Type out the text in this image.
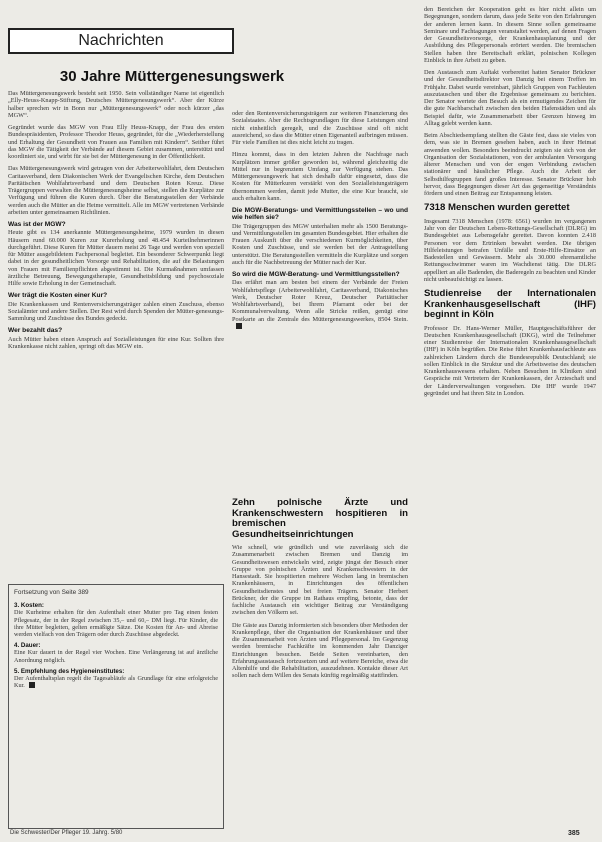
Nachrichten
30 Jahre Müttergenesungswerk

Das Müttergenesungswerk besteht seit 1950. Sein vollständiger Name ist eigentlich „Elly-Heuss-Knapp-Stiftung, Deutsches Müttergenesungswerk“. Aber der Kürze halber sprechen wir in Bonn nur „Müttergenesungswerk“ oder noch kürzer „das MGW“.

Gegründet wurde das MGW von Frau Elly Heuss-Knapp, der Frau des ersten Bundespräsidenten, Professor Theodor Heuss, gegründet, für die „Wiederherstellung und Erhaltung der Gesundheit von Frauen aus Familien mit Kindern“. Seither führt das MGW die Tätigkeit der Verbände auf diesem Gebiet zusammen, unterstützt und koordiniert sie, und wirbt für sie bei der Müttergenesung in der Öffentlichkeit.

Das Müttergenesungswerk wird getragen von der Arbeiterwohlfahrt, dem Deutschen Caritasverband, dem Diakonischen Werk der Evangelischen Kirche, dem Deutschen Paritätischen Wohlfahrtsverband und dem Deutschen Roten Kreuz. Diese Trägergruppen verwalten die Müttergenesungsheime selbst, stellen die Kurplätze zur Verfügung und führen die Kuren durch. Über die Beratungsstellen der Verbände werden auch die Mütter an die Heime vermittelt. Alle im MGW vertretenen Verbände arbeiten unter gemeinsamen Richtlinien.

Was ist der MGW?

Heute gibt es 134 anerkannte Müttergenesungsheime, 1979 wurden in diesen Häusern rund 60.000 Kuren zur Kurerholung und 48.454 Kurteilnehmerinnen durchgeführt. Diese Kuren für Mütter dauern meist 26 Tage und werden von speziell für Mütter ausgebildetem Fachpersonal begleitet. Ein besonderer Schwerpunkt liegt dabei in der gesundheitlichen Vorsorge und Rehabilitation, die auf die Belastungen von Frauen mit Familienpflichten abgestimmt ist. Die Kurmaßnahmen umfassen ärztliche Betreuung, Bewegungstherapie, Gesundheitsbildung und psychosoziale Hilfe sowie Erholung in der Gemeinschaft.

Wer trägt die Kosten einer Kur?

Die Krankenkassen und Rentenversicherungsträger zahlen einen Zuschuss, ebenso Sozialämter und andere Stellen. Der Rest wird durch Spenden der Mütter-genesungs-Sammlung und Zuschüsse des Bundes gedeckt.

Wer bezahlt das?

Auch Mütter haben einen Anspruch auf Sozialleistungen für eine Kur. Sollten ihre Krankenkasse nicht zahlen, springt oft das MGW ein.

Fortsetzung von Seite 389
3. Kosten:

Die Kurheime erhalten für den Aufenthalt einer Mutter pro Tag einen festen Pflegesatz, der in der Regel zwischen 35,– und 60,– DM liegt. Für Kinder, die ihre Mütter begleiten, gelten ermäßigte Sätze. Die Kosten für An- und Abreise werden vielfach von den Trägern oder durch Zuschüsse abgedeckt.

4. Dauer:

Eine Kur dauert in der Regel vier Wochen. Eine Verlängerung ist auf ärztliche Anordnung möglich.

5. Empfehlung des Hygieneinstitutes:

Der Aufenthaltsplan regelt die Tagesabläufe als Grundlage für eine erfolgreiche Kur.

oder den Rentenversicherungsträgern zur weiteren Finanzierung des Sozialstaates. Aber die Rechtsgrundlagen für diese Leistungen sind nicht einheitlich geregelt, und die Zuschüsse sind oft nicht ausreichend, so dass die Mütter einen Eigenanteil aufbringen müssen. Für viele Familien ist dies nicht leicht zu tragen.

Hinzu kommt, dass in den letzten Jahren die Nachfrage nach Kurplätzen immer größer geworden ist, während gleichzeitig die Mittel nur in begrenztem Umfang zur Verfügung stehen. Das Müttergenesungswerk hat sich deshalb dafür eingesetzt, dass die Kosten für Mütterkuren verstärkt von den Sozialleistungsträgern übernommen werden, damit jede Mutter, die eine Kur braucht, sie auch erhalten kann.

Die MGW-Beratungs- und Vermittlungsstellen – wo und wie helfen sie?

Die Trägergruppen des MGW unterhalten mehr als 1500 Beratungs- und Vermittlungsstellen im gesamten Bundesgebiet. Hier erhalten die Frauen Auskunft über die verschiedenen Kurmöglichkeiten, über Kosten und Zuschüsse, und sie werden bei der Antragstellung unterstützt. Die Beratungsstellen vermitteln die Kurplätze und sorgen auch für die Nachbetreuung der Mütter nach der Kur.

So wird die MGW-Beratung- und Vermittlungsstellen?

Das erfährt man am besten bei einem der Verbände der Freien Wohlfahrtspflege (Arbeiterwohlfahrt, Caritasverband, Diakonisches Werk, Deutscher Roter Kreuz, Deutscher Paritätischer Wohlfahrtsverband), bei Ihrem Pfarramt oder bei der Kommunalverwaltung. Wenn alle Stricke reißen, genügt eine Postkarte an die Zentrale des Müttergenesungswerkes, 8504 Stein.

Zehn polnische Ärzte und Krankenschwestern hospitieren in bremischen Gesundheitseinrichtungen

Wie schnell, wie gründlich und wie zuverlässig sich die Zusammenarbeit zwischen Bremen und Danzig im Gesundheitswesen entwickeln wird, zeigte jüngst der Besuch einer Gruppe von polnischen Ärzten und Krankenschwestern in der Hansestadt. Sie hospitierten mehrere Wochen lang in bremischen Krankenhäusern, in Einrichtungen des öffentlichen Gesundheitsdienstes und bei freien Trägern. Senator Herbert Brückner, der die Gruppe im Rathaus empfing, betonte, dass der fachliche Austausch ein wichtiger Beitrag zur Verständigung zwischen den Völkern sei.

Die Gäste aus Danzig informierten sich besonders über Methoden der Krankenpflege, über die Organisation der Krankenhäuser und über die Zusammenarbeit von Ärzten und Pflegepersonal. Im Gegenzug werden bremische Fachkräfte im kommenden Jahr Danziger Einrichtungen besuchen. Beide Seiten vereinbarten, den Erfahrungsaustausch fortzusetzen und auf weitere Bereiche, etwa die Altenhilfe und die Rehabilitation, auszudehnen. Kontakte dieser Art sollen nach dem Willen des Senats künftig regelmäßig stattfinden.

den Bereichen der Kooperation geht es hier nicht allein um Begegnungen, sondern darum, dass jede Seite von den Erfahrungen der anderen lernen kann. In diesem Sinne sollen gemeinsame Seminare und Fachtagungen veranstaltet werden, auf denen Fragen der Gesundheitsvorsorge, der Krankenhausplanung und der Ausbildung des Pflegepersonals erörtert werden. Die bremischen Stellen haben ihre Bereitschaft erklärt, polnischen Kollegen Einblick in ihre Arbeit zu geben.

Den Austausch zum Auftakt vorbereitet hatten Senator Brückner und der Gesundheitsdirektor von Danzig bei einem Treffen im Frühjahr. Dabei wurde vereinbart, jährlich Gruppen von Fachleuten auszutauschen und über die Ergebnisse gemeinsam zu berichten. Der Senator wertete den Besuch als ein ermutigendes Zeichen für die gute Nachbarschaft zwischen den beiden Hafenstädten und als Beispiel dafür, wie Zusammenarbeit über Grenzen hinweg im Alltag gelebt werden kann.

Beim Abschiedsempfang stellten die Gäste fest, dass sie vieles von dem, was sie in Bremen gesehen haben, auch in ihrer Heimat anwenden wollen. Besonders beeindruckt zeigten sie sich von der Organisation der Sozialstationen, von der ambulanten Versorgung älterer Menschen und von der engen Verbindung zwischen stationärer und häuslicher Pflege. Auch die Arbeit der Selbsthilfegruppen fand großes Interesse. Senator Brückner hob hervor, dass Begegnungen dieser Art das gegenseitige Verständnis fördern und einen Beitrag zur Entspannung leisten.

7318 Menschen wurden gerettet

Insgesamt 7318 Menschen (1978: 6561) wurden im vergangenen Jahr von der Deutschen Lebens-Rettungs-Gesellschaft (DLRG) im Bundesgebiet aus Lebensgefahr gerettet. Davon konnten 2.418 Personen vor dem Ertrinken bewahrt werden. Die übrigen Hilfeleistungen betrafen Unfälle und Erste-Hilfe-Einsätze an Badestellen und Gewässern. Mehr als 30.000 ehrenamtliche Rettungsschwimmer waren im Wachdienst tätig. Die DLRG appelliert an alle Badenden, die Baderegeln zu beachten und Kinder nicht unbeaufsichtigt zu lassen.

Studienreise der Internationalen Krankenhausgesellschaft (IHF) beginnt in Köln

Professor Dr. Hans-Werner Müller, Hauptgeschäftsführer der Deutschen Krankenhausgesellschaft (DKG), wird die Teilnehmer einer Studienreise der Internationalen Krankenhausgesellschaft (IHF) in Köln begrüßen. Die Reise führt Krankenhausfachleute aus zahlreichen Ländern durch die Bundesrepublik Deutschland; sie sollen Einblick in die Struktur und die Arbeitsweise des deutschen Krankenhauswesens erhalten. Neben Besuchen in Kliniken sind Gespräche mit Vertretern der Krankenkassen, der Ärzteschaft und der Länderverwaltungen vorgesehen. Die IHF wurde 1947 gegründet und hat ihren Sitz in London.

Die Schwester/Der Pfleger 19. Jahrg. 5/80	385
